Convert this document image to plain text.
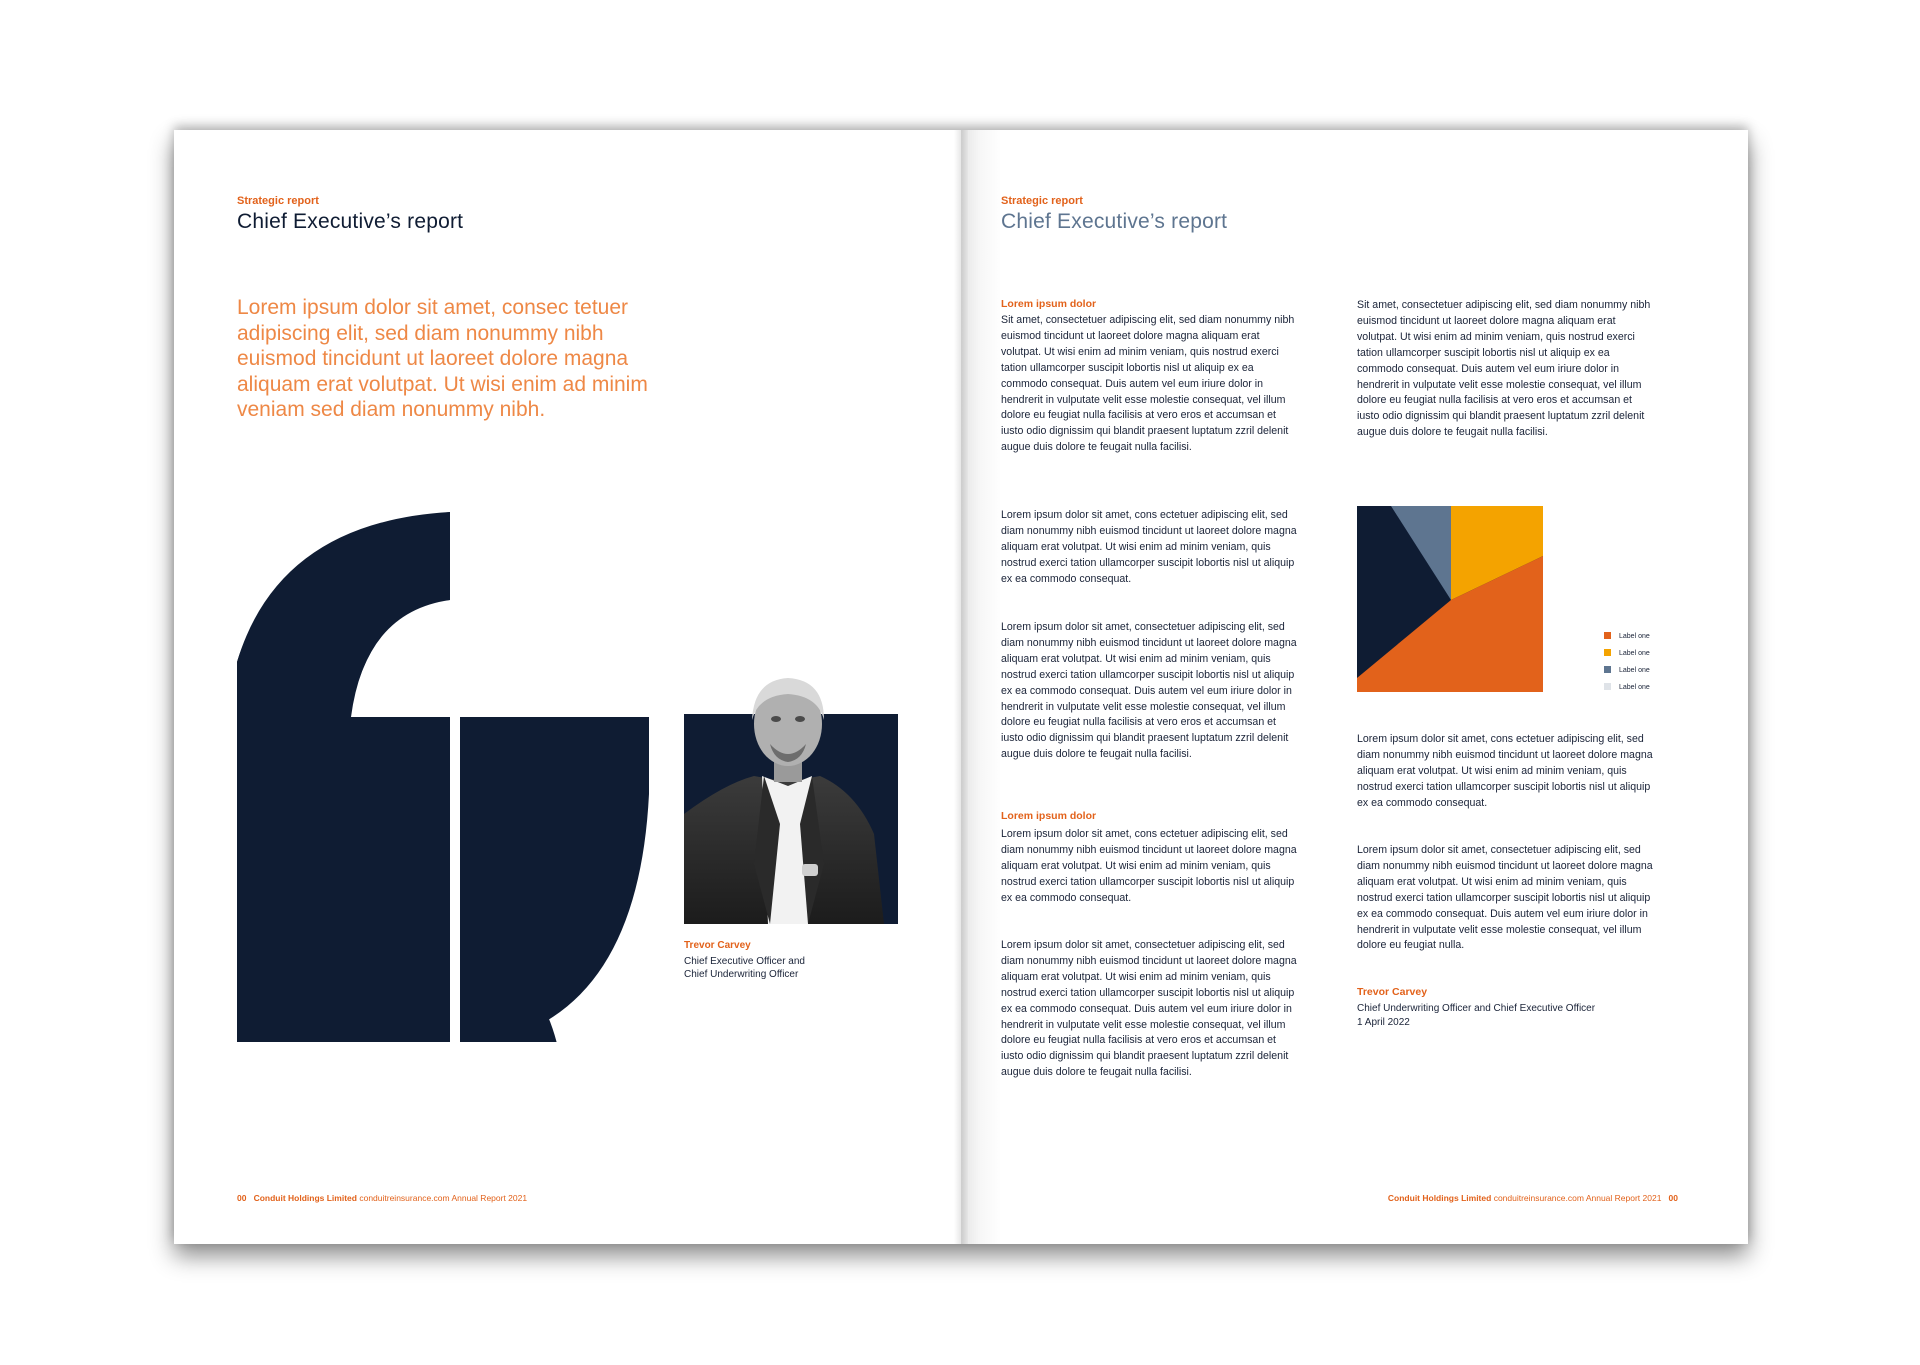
Strategic report
Chief Executive’s report
Lorem ipsum dolor sit amet, consec tetuer adipiscing elit, sed diam nonummy nibh euismod tincidunt ut laoreet dolore magna aliquam erat volutpat. Ut wisi enim ad minim veniam sed diam nonummy nibh.
Trevor Carvey
Chief Executive Officer and
Chief Underwriting Officer
00 Conduit Holdings Limited conduitreinsurance.com Annual Report 2021
Strategic report
Chief Executive’s report
Lorem ipsum dolor
Sit amet, consectetuer adipiscing elit, sed diam nonummy nibh euismod tincidunt ut laoreet dolore magna aliquam erat volutpat. Ut wisi enim ad minim veniam, quis nostrud exerci tation ullamcorper suscipit lobortis nisl ut aliquip ex ea commodo consequat. Duis autem vel eum iriure dolor in hendrerit in vulputate velit esse molestie consequat, vel illum dolore eu feugiat nulla facilisis at vero eros et accumsan et iusto odio dignissim qui blandit praesent luptatum zzril delenit augue duis dolore te feugait nulla facilisi.
Lorem ipsum dolor sit amet, cons ectetuer adipiscing elit, sed diam nonummy nibh euismod tincidunt ut laoreet dolore magna aliquam erat volutpat. Ut wisi enim ad minim veniam, quis nostrud exerci tation ullamcorper suscipit lobortis nisl ut aliquip ex ea commodo consequat.
Lorem ipsum dolor sit amet, consectetuer adipiscing elit, sed diam nonummy nibh euismod tincidunt ut laoreet dolore magna aliquam erat volutpat. Ut wisi enim ad minim veniam, quis nostrud exerci tation ullamcorper suscipit lobortis nisl ut aliquip ex ea commodo consequat. Duis autem vel eum iriure dolor in hendrerit in vulputate velit esse molestie consequat, vel illum dolore eu feugiat nulla facilisis at vero eros et accumsan et iusto odio dignissim qui blandit praesent luptatum zzril delenit augue duis dolore te feugait nulla facilisi.
Lorem ipsum dolor
Lorem ipsum dolor sit amet, cons ectetuer adipiscing elit, sed diam nonummy nibh euismod tincidunt ut laoreet dolore magna aliquam erat volutpat. Ut wisi enim ad minim veniam, quis nostrud exerci tation ullamcorper suscipit lobortis nisl ut aliquip ex ea commodo consequat.
Lorem ipsum dolor sit amet, consectetuer adipiscing elit, sed diam nonummy nibh euismod tincidunt ut laoreet dolore magna aliquam erat volutpat. Ut wisi enim ad minim veniam, quis nostrud exerci tation ullamcorper suscipit lobortis nisl ut aliquip ex ea commodo consequat. Duis autem vel eum iriure dolor in hendrerit in vulputate velit esse molestie consequat, vel illum dolore eu feugiat nulla facilisis at vero eros et accumsan et iusto odio dignissim qui blandit praesent luptatum zzril delenit augue duis dolore te feugait nulla facilisi.
Sit amet, consectetuer adipiscing elit, sed diam nonummy nibh euismod tincidunt ut laoreet dolore magna aliquam erat volutpat. Ut wisi enim ad minim veniam, quis nostrud exerci tation ullamcorper suscipit lobortis nisl ut aliquip ex ea commodo consequat. Duis autem vel eum iriure dolor in hendrerit in vulputate velit esse molestie consequat, vel illum dolore eu feugiat nulla facilisis at vero eros et accumsan et iusto odio dignissim qui blandit praesent luptatum zzril delenit augue duis dolore te feugait nulla facilisi.
Label one
Label one
Label one
Label one
Lorem ipsum dolor sit amet, cons ectetuer adipiscing elit, sed diam nonummy nibh euismod tincidunt ut laoreet dolore magna aliquam erat volutpat. Ut wisi enim ad minim veniam, quis nostrud exerci tation ullamcorper suscipit lobortis nisl ut aliquip ex ea commodo consequat.
Lorem ipsum dolor sit amet, consectetuer adipiscing elit, sed diam nonummy nibh euismod tincidunt ut laoreet dolore magna aliquam erat volutpat. Ut wisi enim ad minim veniam, quis nostrud exerci tation ullamcorper suscipit lobortis nisl ut aliquip ex ea commodo consequat. Duis autem vel eum iriure dolor in hendrerit in vulputate velit esse molestie consequat, vel illum dolore eu feugiat nulla.
Trevor Carvey
Chief Underwriting Officer and Chief Executive Officer
1 April 2022
Conduit Holdings Limited conduitreinsurance.com Annual Report 2021 00
